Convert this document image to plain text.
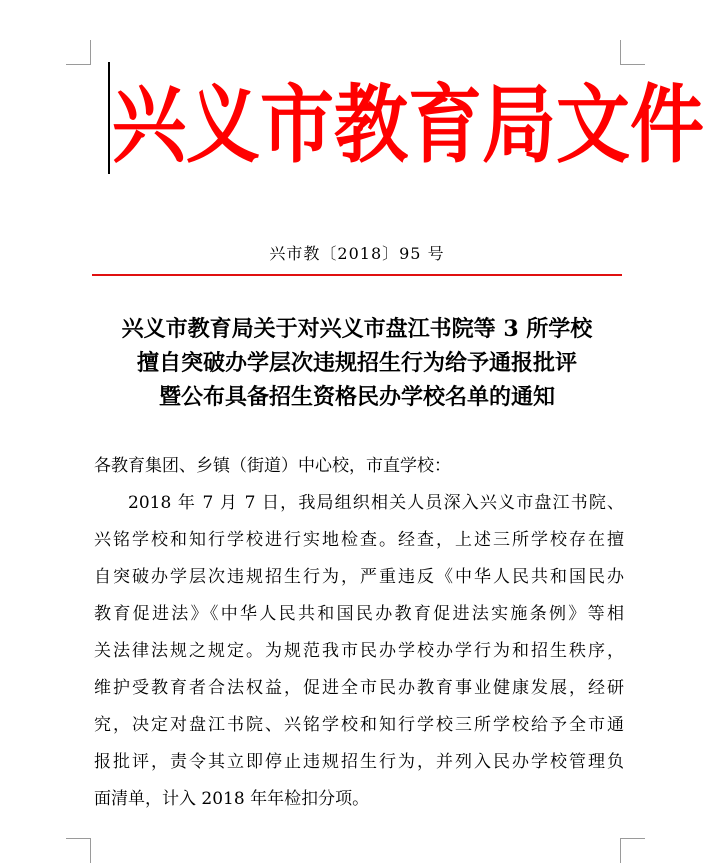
兴义市教育局文件
兴市教〔2018〕95 号
兴义市教育局关于对兴义市盘江书院等 3 所学校
擅自突破办学层次违规招生行为给予通报批评
暨公布具备招生资格民办学校名单的通知
各教育集团、乡镇（街道）中心校，市直学校：
2018 年 7 月 7 日，我局组织相关人员深入兴义市盘江书院、
兴铭学校和知行学校进行实地检查。经查，上述三所学校存在擅
自突破办学层次违规招生行为，严重违反《中华人民共和国民办
教育促进法》《中华人民共和国民办教育促进法实施条例》等相
关法律法规之规定。为规范我市民办学校办学行为和招生秩序，
维护受教育者合法权益，促进全市民办教育事业健康发展，经研
究，决定对盘江书院、兴铭学校和知行学校三所学校给予全市通
报批评，责令其立即停止违规招生行为，并列入民办学校管理负
面清单，计入 2018 年年检扣分项。
